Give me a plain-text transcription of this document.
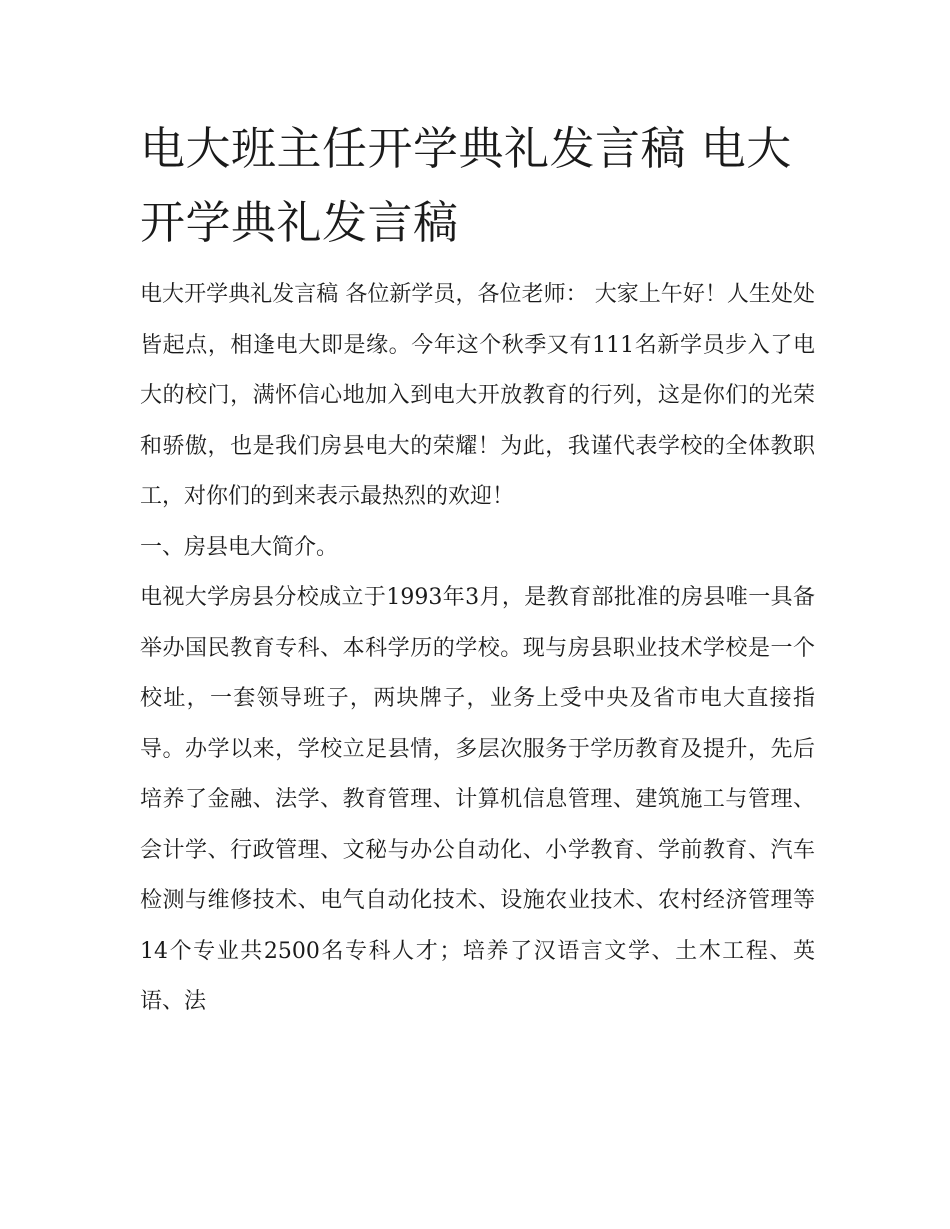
电大班主任开学典礼发言稿 电大开学典礼发言稿

电大开学典礼发言稿 各位新学员，各位老师： 大家上午好！人生处处皆起点，相逢电大即是缘。今年这个秋季又有111名新学员步入了电大的校门，满怀信心地加入到电大开放教育的行列，这是你们的光荣和骄傲，也是我们房县电大的荣耀！为此，我谨代表学校的全体教职工，对你们的到来表示最热烈的欢迎！

一、房县电大简介。

电视大学房县分校成立于1993年3月，是教育部批准的房县唯一具备举办国民教育专科、本科学历的学校。现与房县职业技术学校是一个校址，一套领导班子，两块牌子，业务上受中央及省市电大直接指导。办学以来，学校立足县情，多层次服务于学历教育及提升，先后培养了金融、法学、教育管理、计算机信息管理、建筑施工与管理、会计学、行政管理、文秘与办公自动化、小学教育、学前教育、汽车检测与维修技术、电气自动化技术、设施农业技术、农村经济管理等14个专业共2500名专科人才；培养了汉语言文学、土木工程、英语、法
